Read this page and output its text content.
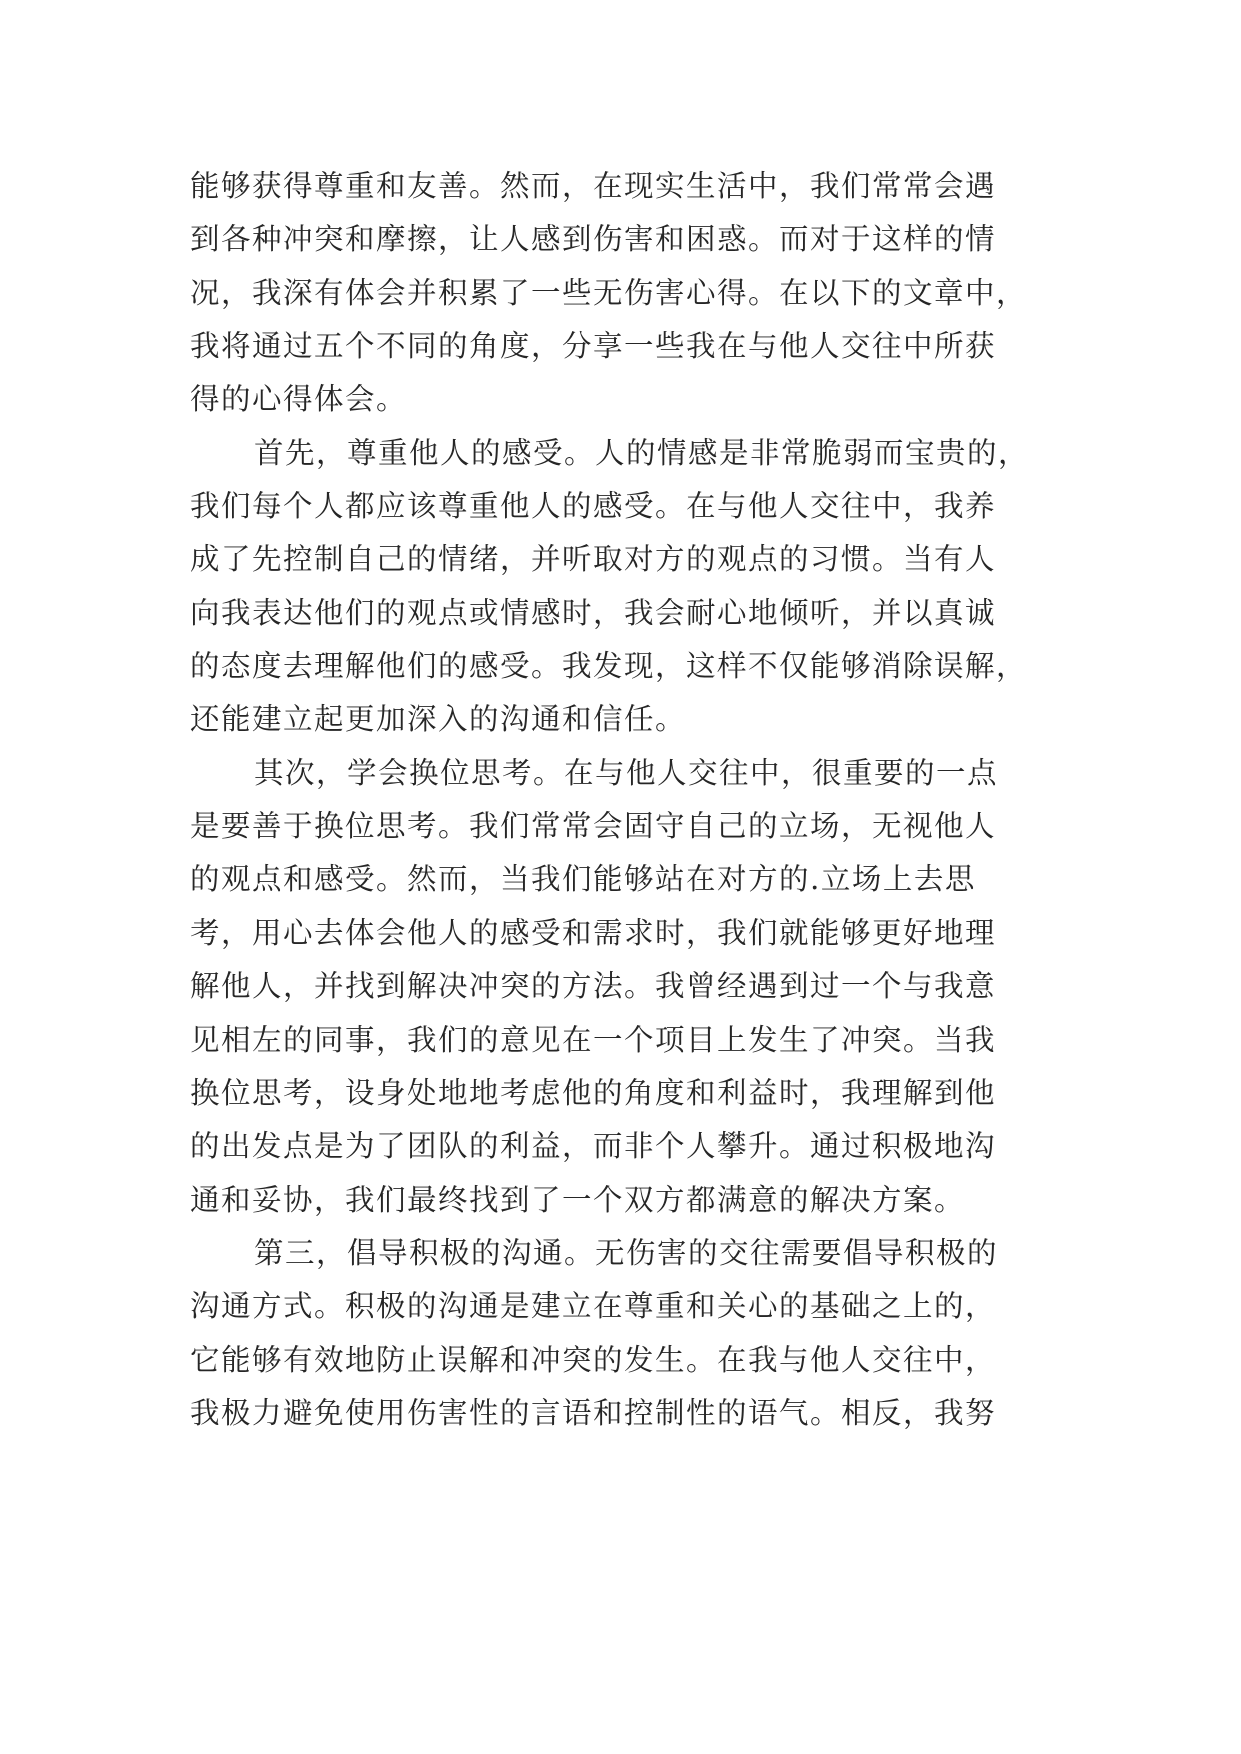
能够获得尊重和友善。然而，在现实生活中，我们常常会遇
到各种冲突和摩擦，让人感到伤害和困惑。而对于这样的情
况，我深有体会并积累了一些无伤害心得。在以下的文章中，
我将通过五个不同的角度，分享一些我在与他人交往中所获
得的心得体会。
首先，尊重他人的感受。人的情感是非常脆弱而宝贵的，
我们每个人都应该尊重他人的感受。在与他人交往中，我养
成了先控制自己的情绪，并听取对方的观点的习惯。当有人
向我表达他们的观点或情感时，我会耐心地倾听，并以真诚
的态度去理解他们的感受。我发现，这样不仅能够消除误解，
还能建立起更加深入的沟通和信任。
其次，学会换位思考。在与他人交往中，很重要的一点
是要善于换位思考。我们常常会固守自己的立场，无视他人
的观点和感受。然而，当我们能够站在对方的.立场上去思
考，用心去体会他人的感受和需求时，我们就能够更好地理
解他人，并找到解决冲突的方法。我曾经遇到过一个与我意
见相左的同事，我们的意见在一个项目上发生了冲突。当我
换位思考，设身处地地考虑他的角度和利益时，我理解到他
的出发点是为了团队的利益，而非个人攀升。通过积极地沟
通和妥协，我们最终找到了一个双方都满意的解决方案。
第三，倡导积极的沟通。无伤害的交往需要倡导积极的
沟通方式。积极的沟通是建立在尊重和关心的基础之上的，
它能够有效地防止误解和冲突的发生。在我与他人交往中，
我极力避免使用伤害性的言语和控制性的语气。相反，我努
